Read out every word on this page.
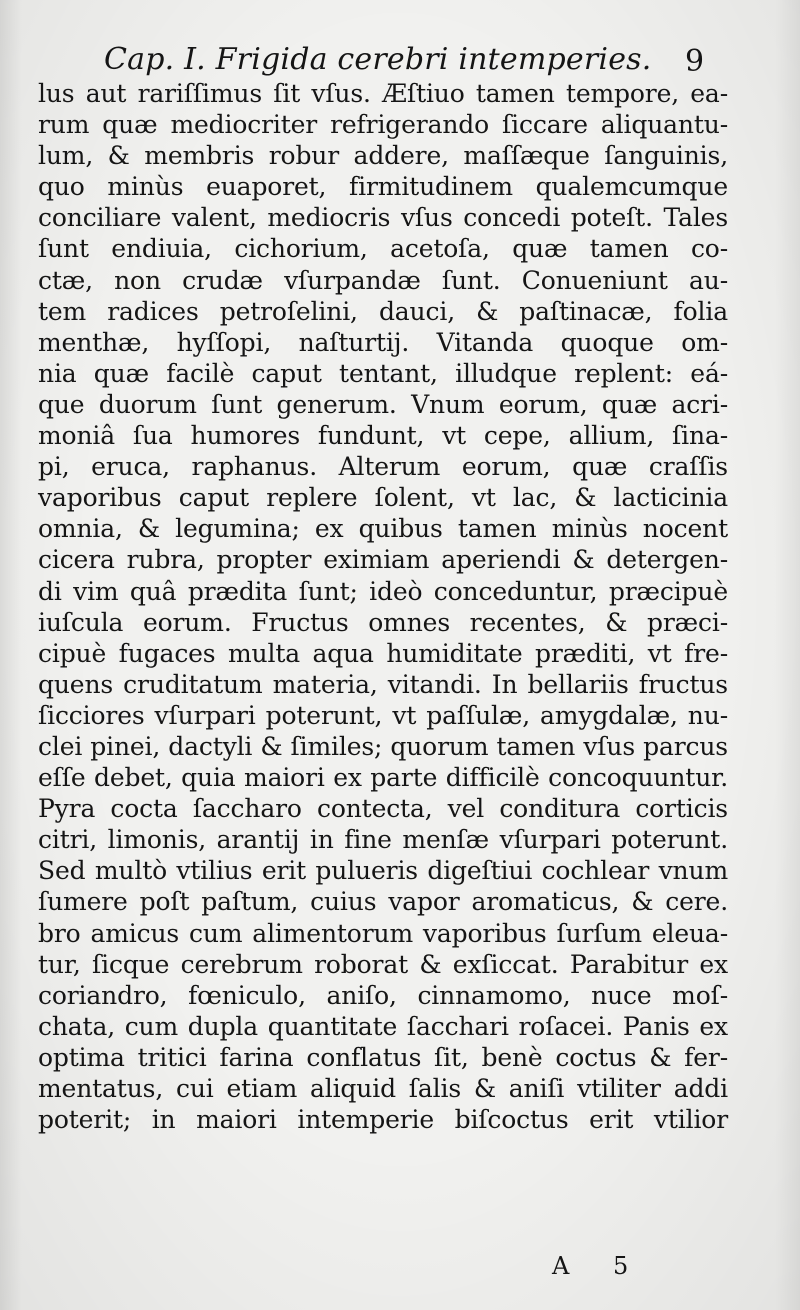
Cap. I. Frigida cerebri intemperies. 9
lus aut rariſſimus ſit vſus. Æſtiuo tamen tempore, ea-
rum quæ mediocriter refrigerando ſiccare aliquantu-
lum, & membris robur addere, maſſæque ſanguinis,
quo minùs euaporet, firmitudinem qualemcumque
conciliare valent, mediocris vſus concedi poteſt. Tales
ſunt endiuia, cichorium, acetoſa, quæ tamen co-
ctæ, non crudæ vſurpandæ ſunt. Conueniunt au-
tem radices petroſelini, dauci, & paſtinacæ, folia
menthæ, hyſſopi, naſturtij. Vitanda quoque om-
nia quæ facilè caput tentant, illudque replent: eá-
que duorum ſunt generum. Vnum eorum, quæ acri-
moniâ ſua humores fundunt, vt cepe, allium, ſina-
pi, eruca, raphanus. Alterum eorum, quæ craſſis
vaporibus caput replere ſolent, vt lac, & lacticinia
omnia, & legumina; ex quibus tamen minùs nocent
cicera rubra, propter eximiam aperiendi & detergen-
di vim quâ prædita ſunt; ideò conceduntur, præcipuè
iuſcula eorum. Fructus omnes recentes, & præci-
cipuè fugaces multa aqua humiditate præditi, vt fre-
quens cruditatum materia, vitandi. In bellariis fructus
ſicciores vſurpari poterunt, vt paſſulæ, amygdalæ, nu-
clei pinei, dactyli & ſimiles; quorum tamen vſus parcus
eſſe debet, quia maiori ex parte difficilè concoquuntur.
Pyra cocta ſaccharo contecta, vel conditura corticis
citri, limonis, arantij in fine menſæ vſurpari poterunt.
Sed multò vtilius erit pulueris digeſtiui cochlear vnum
ſumere poſt paſtum, cuius vapor aromaticus, & cere.
bro amicus cum alimentorum vaporibus ſurſum eleua-
tur, ſicque cerebrum roborat & exſiccat. Parabitur ex
coriandro, fœniculo, aniſo, cinnamomo, nuce moſ-
chata, cum dupla quantitate ſacchari roſacei. Panis ex
optima tritici farina conflatus ſit, benè coctus & fer-
mentatus, cui etiam aliquid ſalis & aniſi vtiliter addi
poterit; in maiori intemperie biſcoctus erit vtilior
A 5
